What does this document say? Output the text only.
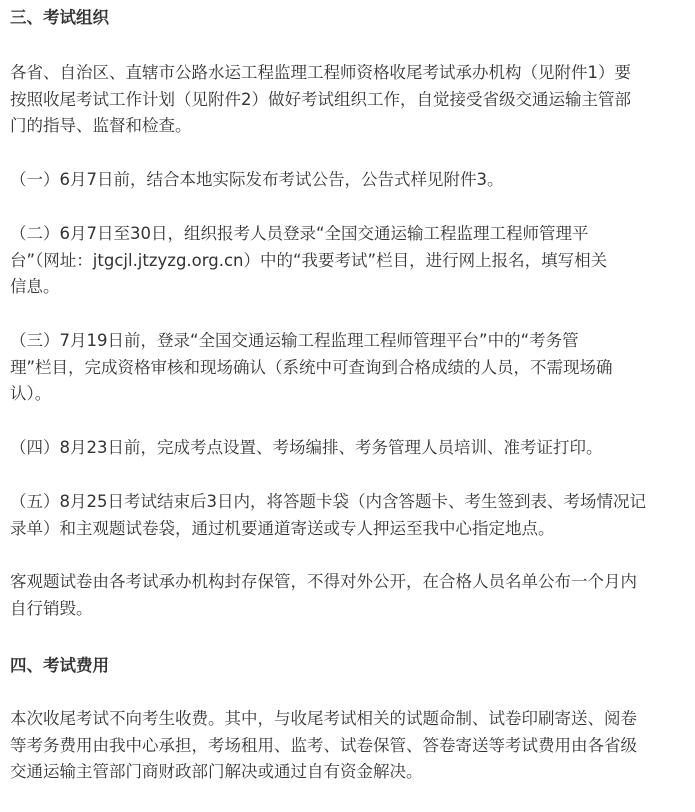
三、考试组织

各省、自治区、直辖市公路水运工程监理工程师资格收尾考试承办机构（见附件1）要
按照收尾考试工作计划（见附件2）做好考试组织工作，自觉接受省级交通运输主管部
门的指导、监督和检查。

（一）6月7日前，结合本地实际发布考试公告，公告式样见附件3。

（二）6月7日至30日，组织报考人员登录“全国交通运输工程监理工程师管理平
台”（网址：jtgcjl.jtzyzg.org.cn）中的“我要考试”栏目，进行网上报名，填写相关
信息。

（三）7月19日前，登录“全国交通运输工程监理工程师管理平台”中的“考务管
理”栏目，完成资格审核和现场确认（系统中可查询到合格成绩的人员，不需现场确
认）。

（四）8月23日前，完成考点设置、考场编排、考务管理人员培训、准考证打印。

（五）8月25日考试结束后3日内，将答题卡袋（内含答题卡、考生签到表、考场情况记
录单）和主观题试卷袋，通过机要通道寄送或专人押运至我中心指定地点。

客观题试卷由各考试承办机构封存保管，不得对外公开，在合格人员名单公布一个月内
自行销毁。

四、考试费用

本次收尾考试不向考生收费。其中，与收尾考试相关的试题命制、试卷印刷寄送、阅卷
等考务费用由我中心承担，考场租用、监考、试卷保管、答卷寄送等考试费用由各省级
交通运输主管部门商财政部门解决或通过自有资金解决。
